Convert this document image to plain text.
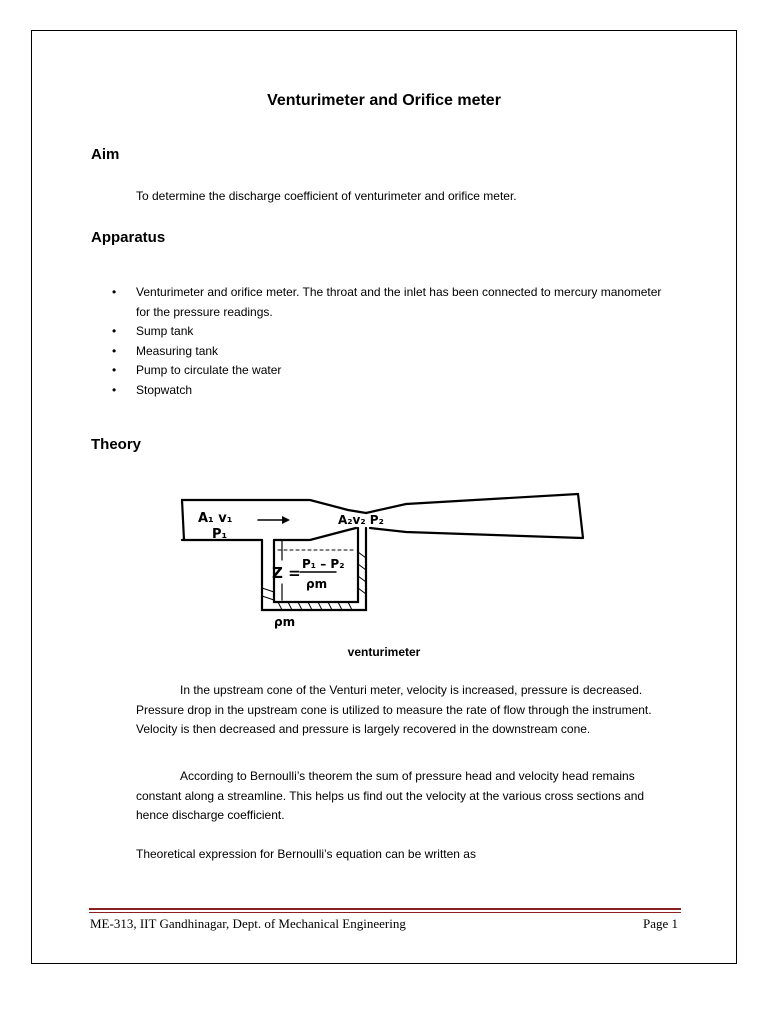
Venturimeter and Orifice meter
Aim
To determine the discharge coefficient of venturimeter and orifice meter.
Apparatus
• Venturimeter and orifice meter. The throat and the inlet has been connected to mercury manometer for the pressure readings.
• Sump tank
• Measuring tank
• Pump to circulate the water
• Stopwatch
Theory
A₁ v₁
P₁
A₂v₂ P₂
Z = P₁ – P₂
ρm
ρm
venturimeter
In the upstream cone of the Venturi meter, velocity is increased, pressure is decreased. Pressure drop in the upstream cone is utilized to measure the rate of flow through the instrument. Velocity is then decreased and pressure is largely recovered in the downstream cone.
According to Bernoulli’s theorem the sum of pressure head and velocity head remains constant along a streamline. This helps us find out the velocity at the various cross sections and hence discharge coefficient.
Theoretical expression for Bernoulli’s equation can be written as
ME-313, IIT Gandhinagar, Dept. of Mechanical Engineering	Page 1
